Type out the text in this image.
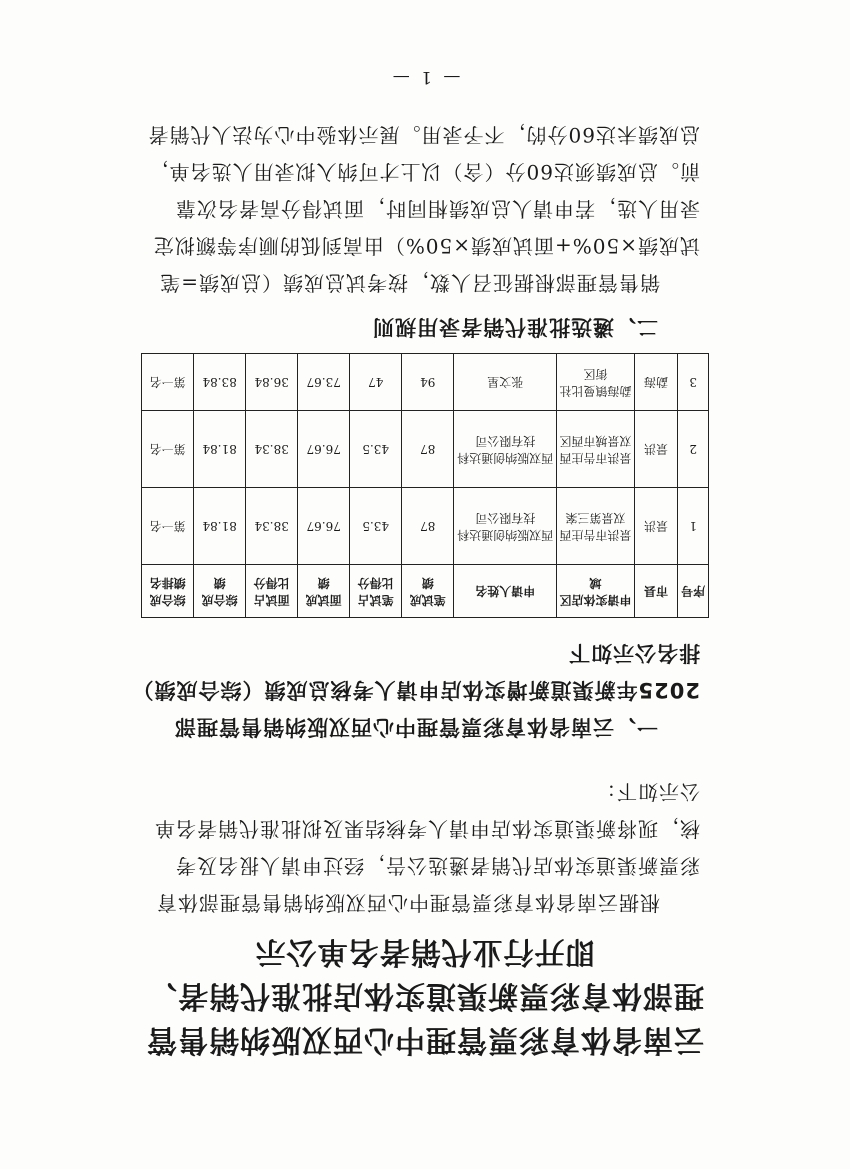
云南省体育彩票管理中心西双版纳销售管理部体育彩票新渠道实体店批准代销者、即开行业代销者名单公示

根据云南省体育彩票管理中心西双版纳销售管理部体育彩票新渠道实体店代销者遴选公告，经过申请人报名及考核，现将新渠道实体店申请人考核结果及拟批准代销者名单公示如下：

一、云南省体育彩票管理中心西双版纳销售管理部2025年新渠道新增实体店申请人考核总成绩（综合成绩）排名公示如下

序号	市县	申请实体店区域	申请人姓名	笔试成绩	笔试占比得分	面试成绩	面试占比得分	综合成绩	综合成绩排名
1	景洪	景洪市告庄西双景第三案	西双版纳创通达科技有限公司	87	43.5	76.67	38.34	81.84	第一名
2	景洪	景洪市告庄西双景城市西区	西双版纳创通达科技有限公司	87	43.5	76.67	38.34	81.84	第一名
3	勐海	勐海镇曼比社街区	张文星	94	47	73.67	36.84	83.84	第一名

二、遴选批准代销者录用规则

销售管理部根据征召人数，按考试总成绩（总成绩=笔试成绩×50%+面试成绩×50%）由高到低的顺序等额拟定录用人选，若申请人总成绩相同时，面试得分高者名次靠前。总成绩须达60分（含）以上才可纳入拟录用人选名单，总成绩未达60分的，不予录用。展示体验中心为法人代销者

— 1 —
